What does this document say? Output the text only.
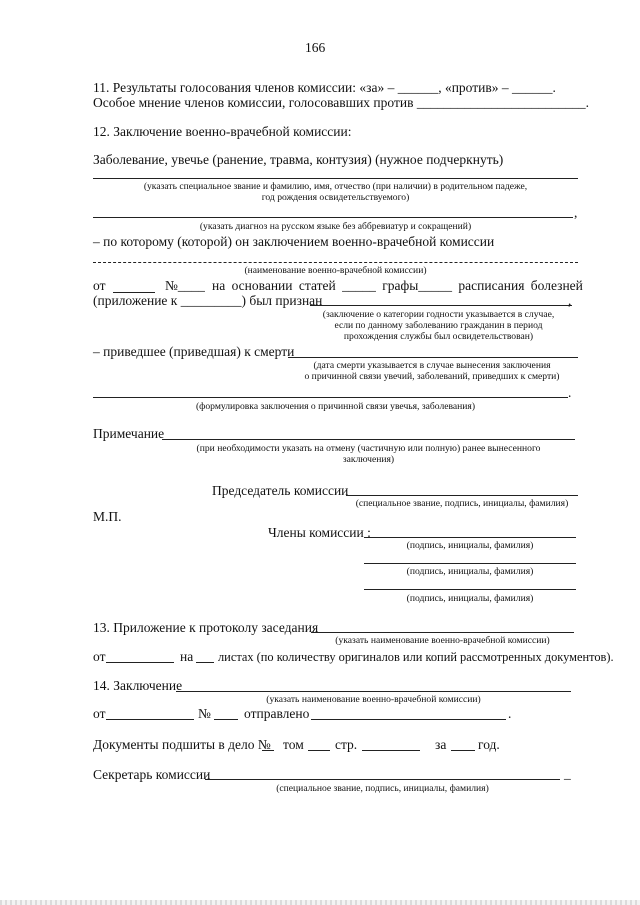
166
11. Результаты голосования членов комиссии: «за» – ______, «против» – ______.
Особое мнение членов комиссии, голосовавших против _________________________.
12. Заключение военно-врачебной комиссии:
Заболевание, увечье (ранение, травма, контузия) (нужное подчеркнуть)
(указать специальное звание и фамилию, имя, отчество (при наличии) в родительном падеже,
год рождения освидетельствуемого)
,
(указать диагноз на русском языке без аббревиатур и сокращений)
– по которому (которой) он заключением военно-врачебной комиссии
(наименование военно-врачебной комиссии)
от	№____ на основании статей _____ графы_____ расписания болезней
(приложение к _________) был признан	,
(заключение о категории годности указывается в случае,
если по данному заболеванию гражданин в период
прохождения службы был освидетельствован)
– приведшее (приведшая) к смерти
(дата смерти указывается в случае вынесения заключения
о причинной связи увечий, заболеваний, приведших к смерти)
.
(формулировка заключения о причинной связи увечья, заболевания)
Примечание
(при необходимости указать на отмену (частичную или полную) ранее вынесенного
заключения)
Председатель комиссии
(специальное звание, подпись, инициалы, фамилия)
М.П.
Члены комиссии :
(подпись, инициалы, фамилия)
(подпись, инициалы, фамилия)
(подпись, инициалы, фамилия)
13. Приложение к протоколу заседания
(указать наименование военно-врачебной комиссии)
от	на листах (по количеству оригиналов или копий рассмотренных документов).
14. Заключение
(указать наименование военно-врачебной комиссии)
от	№ отправлено	.
Документы подшиты в дело № том стр.	за год.
Секретарь комиссии	_
(специальное звание, подпись, инициалы, фамилия)
